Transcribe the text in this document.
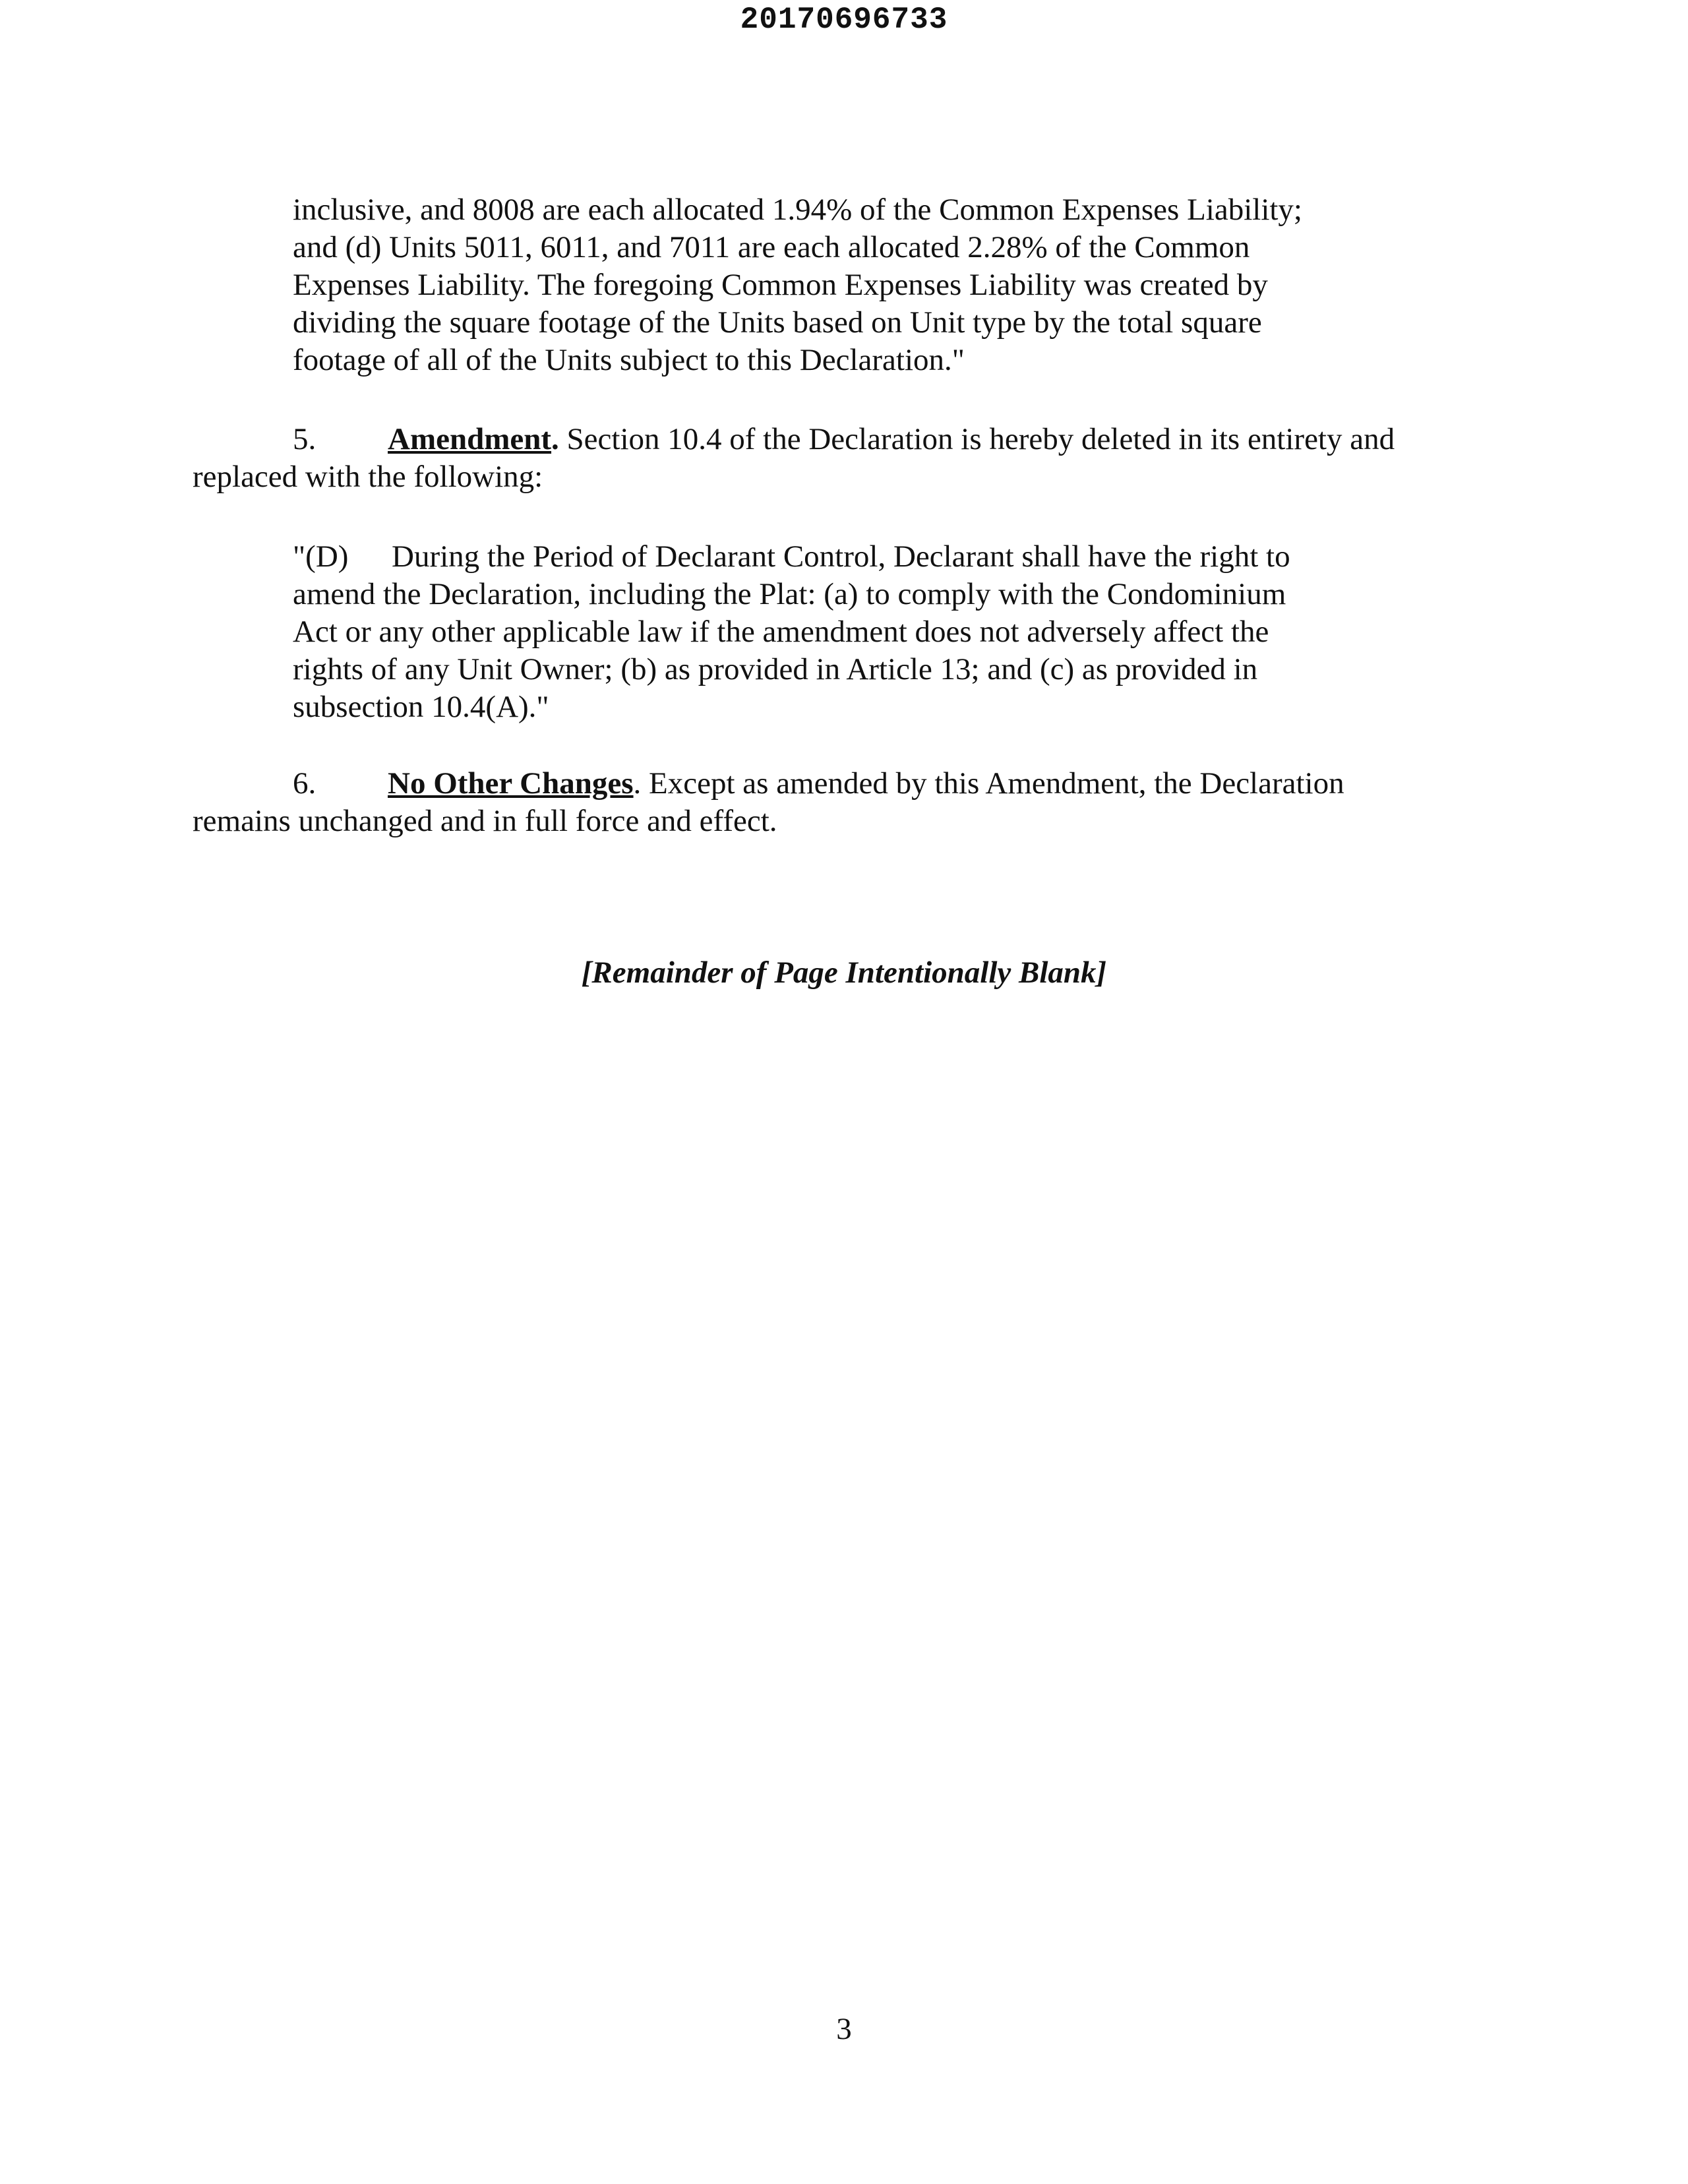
20170696733

inclusive, and 8008 are each allocated 1.94% of the Common Expenses Liability;

and (d) Units 5011, 6011, and 7011 are each allocated 2.28% of the Common

Expenses Liability. The foregoing Common Expenses Liability was created by

dividing the square footage of the Units based on Unit type by the total square

footage of all of the Units subject to this Declaration."

5. Amendment. Section 10.4 of the Declaration is hereby deleted in its entirety and

replaced with the following:

"(D) During the Period of Declarant Control, Declarant shall have the right to

amend the Declaration, including the Plat: (a) to comply with the Condominium

Act or any other applicable law if the amendment does not adversely affect the

rights of any Unit Owner; (b) as provided in Article 13; and (c) as provided in

subsection 10.4(A)."

6. No Other Changes. Except as amended by this Amendment, the Declaration

remains unchanged and in full force and effect.

[Remainder of Page Intentionally Blank]
3
